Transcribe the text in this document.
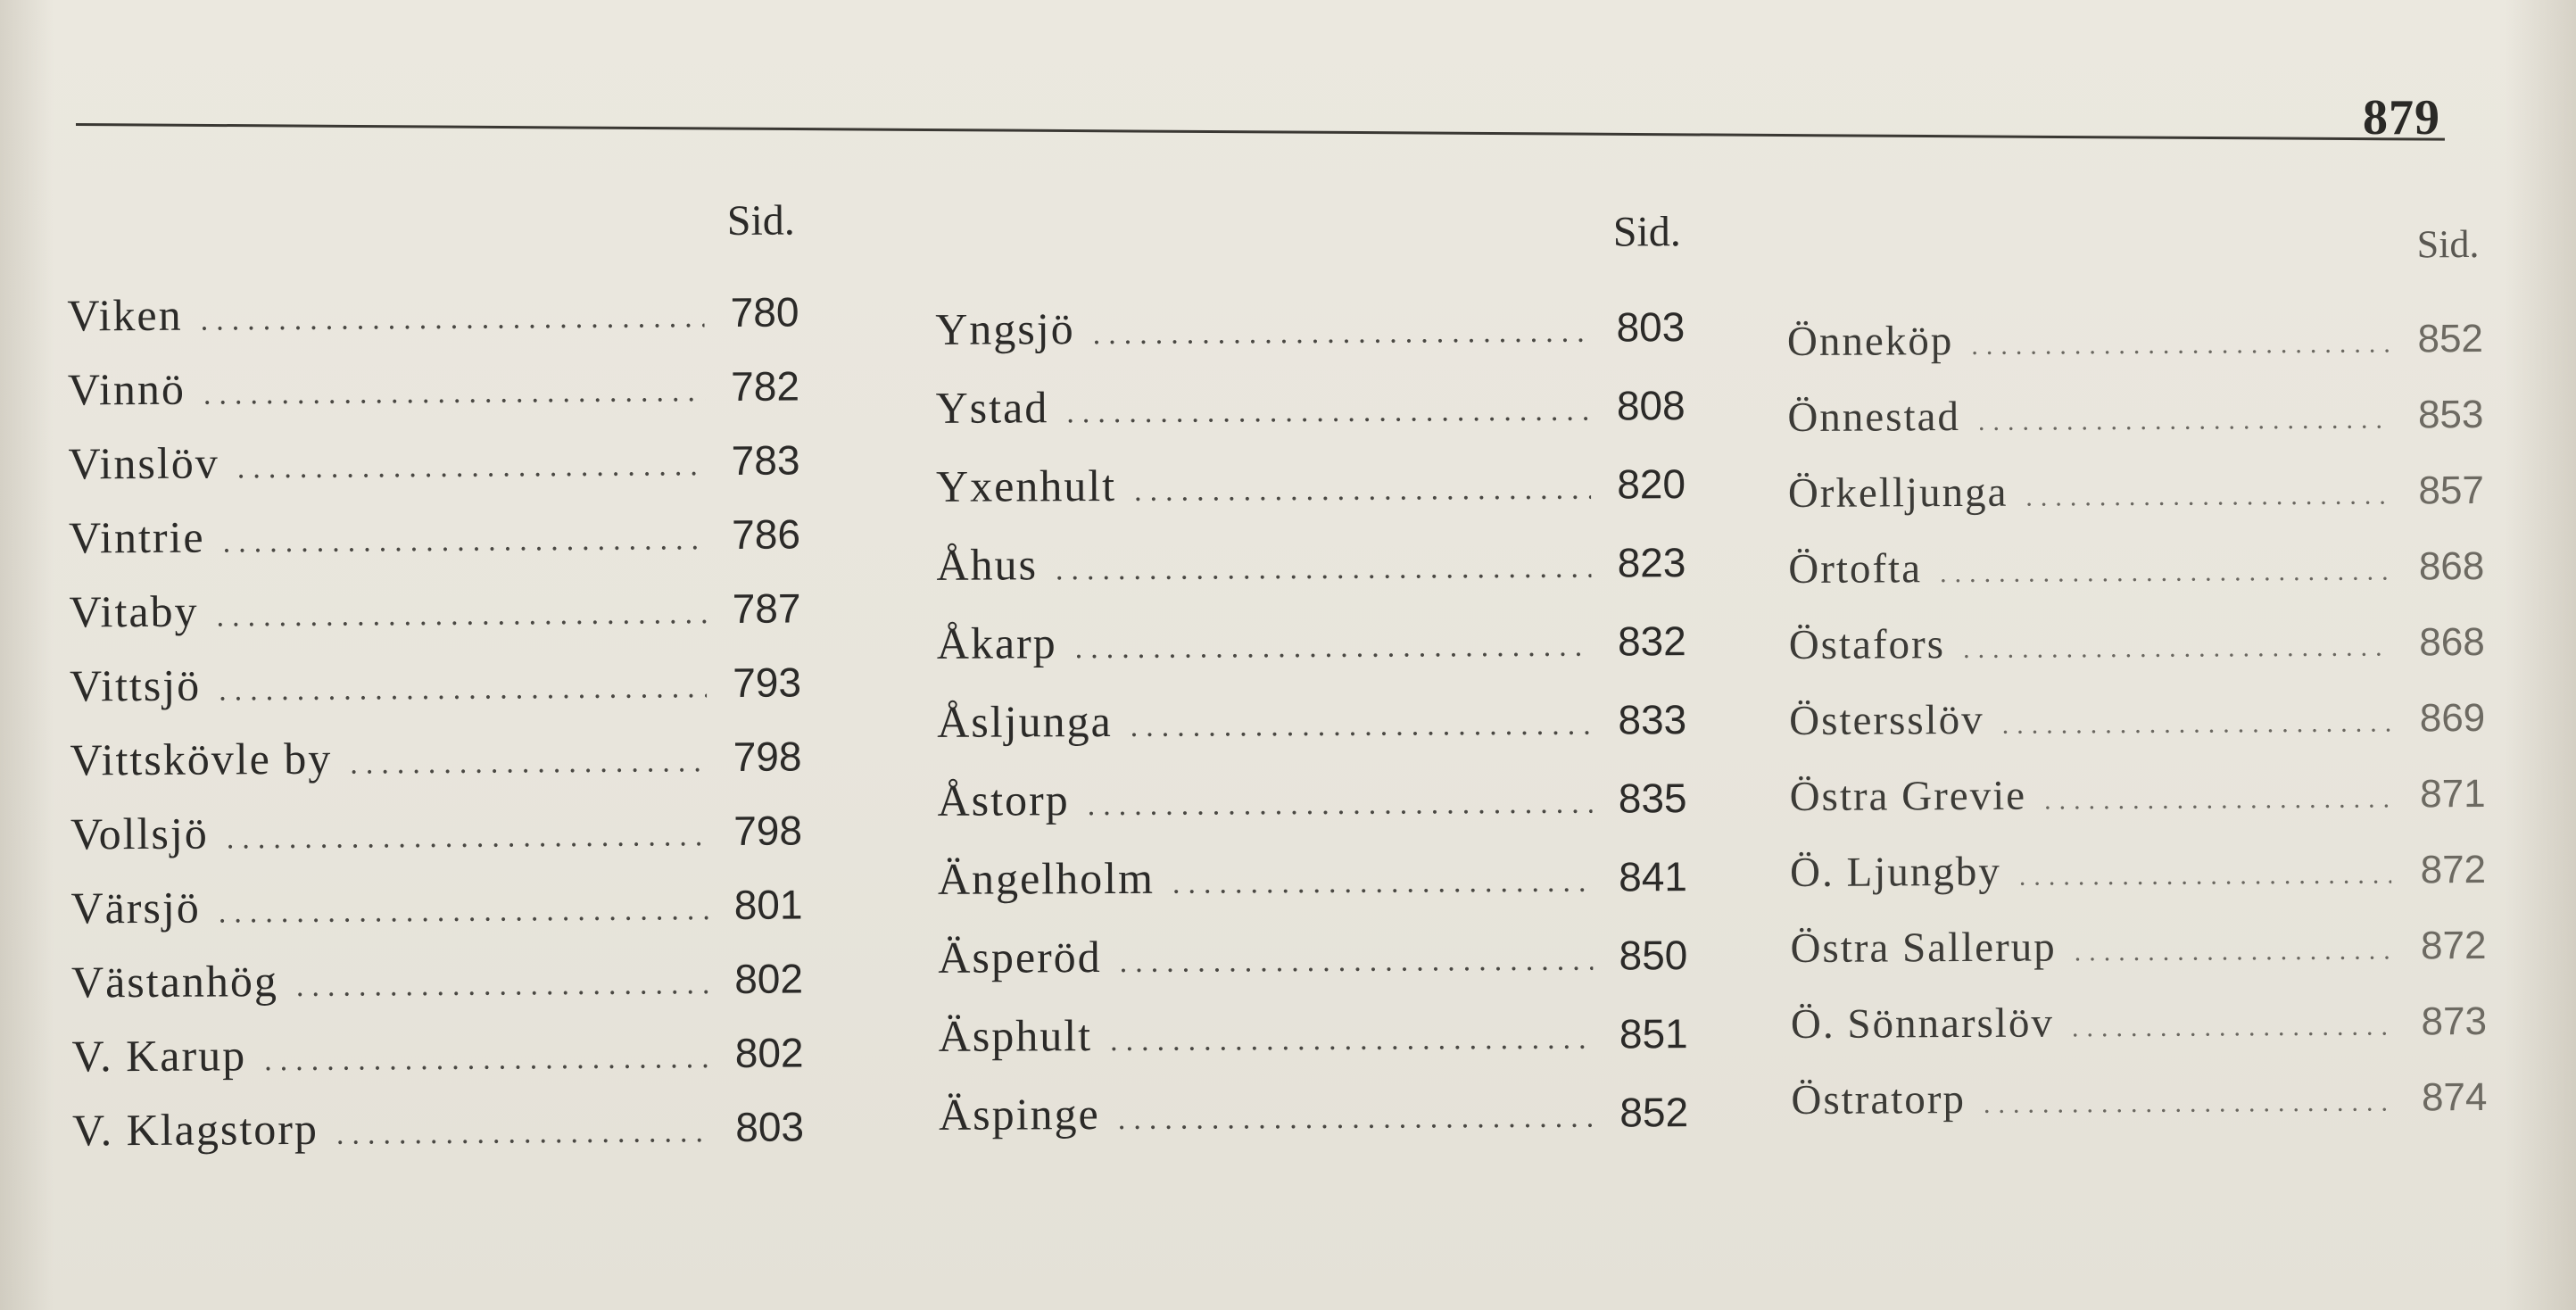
879
Sid.
Viken .....	780
Vinnö .....	782
Vinslöv .....	783
Vintrie .....	786
Vitaby .....	787
Vittsjö .....	793
Vittskövle by .....	798
Vollsjö .....	798
Värsjö .....	801
Västanhög .....	802
V. Karup .....	802
V. Klagstorp .....	803
Sid.
Yngsjö .....	803
Ystad .....	808
Yxenhult .....	820
Åhus .....	823
Åkarp .....	832
Åsljunga .....	833
Åstorp .....	835
Ängelholm .....	841
Äsperöd .....	850
Äsphult .....	851
Äspinge .....	852
Sid.
Önneköp .....	852
Önnestad .....	853
Örkelljunga .....	857
Örtofta .....	868
Östafors .....	868
Östersslöv .....	869
Östra Grevie .....	871
Ö. Ljungby .....	872
Östra Sallerup .....	872
Ö. Sönnarslöv .....	873
Östratorp .....	874
